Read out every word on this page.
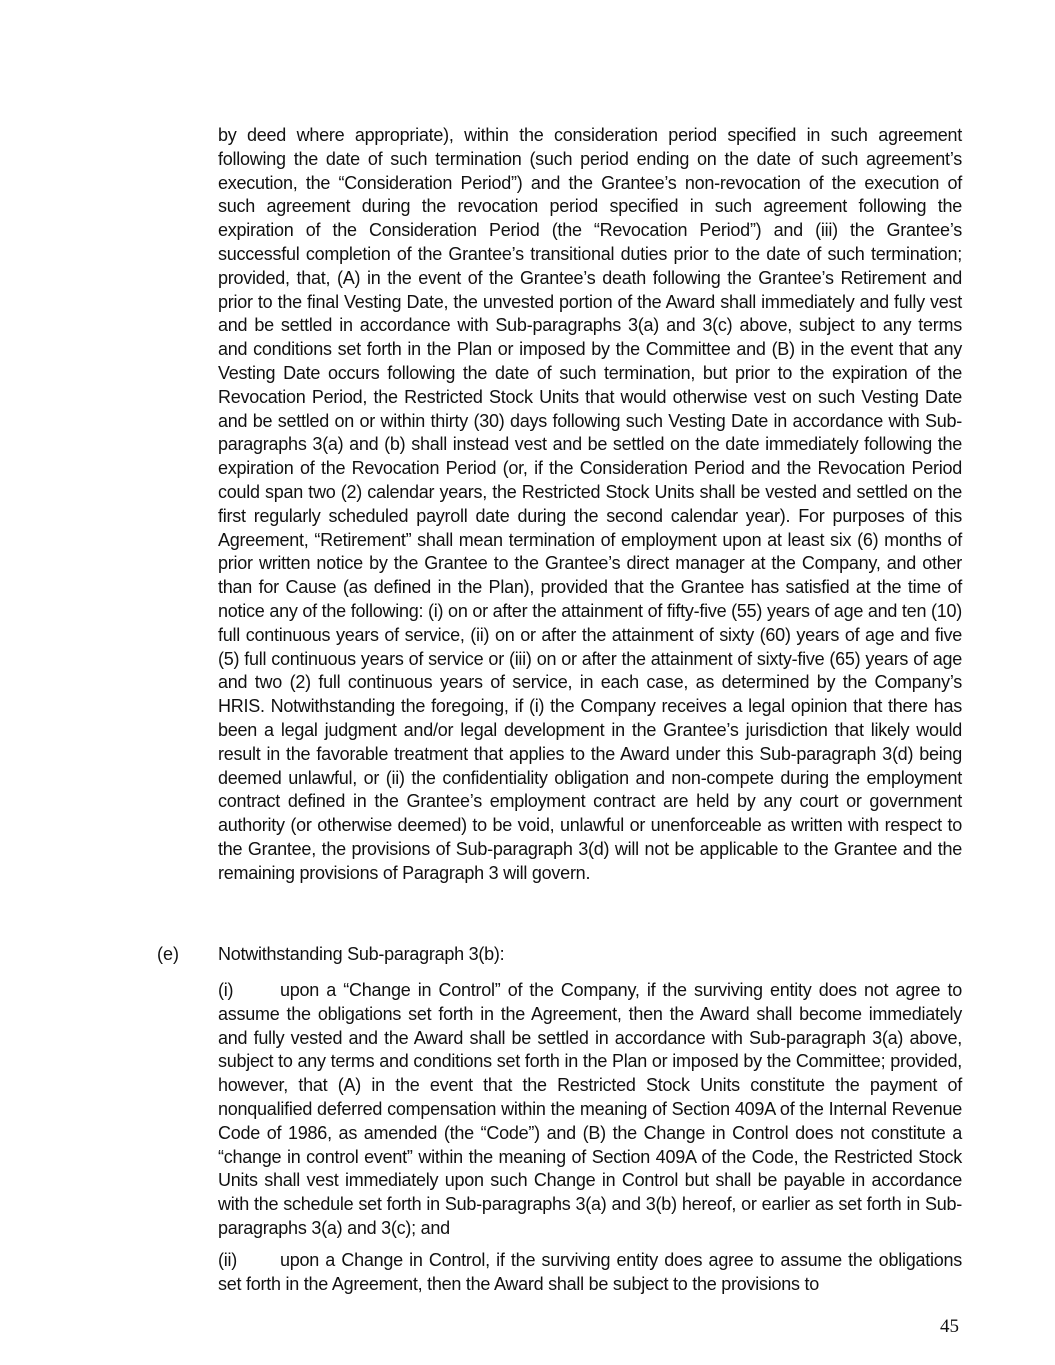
by deed where appropriate), within the consideration period specified in such agreement following the date of such termination (such period ending on the date of such agreement’s execution, the “Consideration Period”) and the Grantee’s non-revocation of the execution of such agreement during the revocation period specified in such agreement following the expiration of the Consideration Period (the “Revocation Period”) and (iii) the Grantee’s successful completion of the Grantee’s transitional duties prior to the date of such termination; provided, that, (A) in the event of the Grantee’s death following the Grantee’s Retirement and prior to the final Vesting Date, the unvested portion of the Award shall immediately and fully vest and be settled in accordance with Sub-paragraphs 3(a) and 3(c) above, subject to any terms and conditions set forth in the Plan or imposed by the Committee and (B) in the event that any Vesting Date occurs following the date of such termination, but prior to the expiration of the Revocation Period, the Restricted Stock Units that would otherwise vest on such Vesting Date and be settled on or within thirty (30) days following such Vesting Date in accordance with Sub-paragraphs 3(a) and (b) shall instead vest and be settled on the date immediately following the expiration of the Revocation Period (or, if the Consideration Period and the Revocation Period could span two (2) calendar years, the Restricted Stock Units shall be vested and settled on the first regularly scheduled payroll date during the second calendar year). For purposes of this Agreement, “Retirement” shall mean termination of employment upon at least six (6) months of prior written notice by the Grantee to the Grantee’s direct manager at the Company, and other than for Cause (as defined in the Plan), provided that the Grantee has satisfied at the time of notice any of the following: (i) on or after the attainment of fifty-five (55) years of age and ten (10) full continuous years of service, (ii) on or after the attainment of sixty (60) years of age and five (5) full continuous years of service or (iii) on or after the attainment of sixty-five (65) years of age and two (2) full continuous years of service, in each case, as determined by the Company’s HRIS. Notwithstanding the foregoing, if (i) the Company receives a legal opinion that there has been a legal judgment and/or legal development in the Grantee’s jurisdiction that likely would result in the favorable treatment that applies to the Award under this Sub-paragraph 3(d) being deemed unlawful, or (ii) the confidentiality obligation and non-compete during the employment contract defined in the Grantee’s employment contract are held by any court or government authority (or otherwise deemed) to be void, unlawful or unenforceable as written with respect to the Grantee, the provisions of Sub-paragraph 3(d) will not be applicable to the Grantee and the remaining provisions of Paragraph 3 will govern.
(e) Notwithstanding Sub-paragraph 3(b):
(i)	upon a “Change in Control” of the Company, if the surviving entity does not agree to assume the obligations set forth in the Agreement, then the Award shall become immediately and fully vested and the Award shall be settled in accordance with Sub-paragraph 3(a) above, subject to any terms and conditions set forth in the Plan or imposed by the Committee; provided, however, that (A) in the event that the Restricted Stock Units constitute the payment of nonqualified deferred compensation within the meaning of Section 409A of the Internal Revenue Code of 1986, as amended (the “Code”) and (B) the Change in Control does not constitute a “change in control event” within the meaning of Section 409A of the Code, the Restricted Stock Units shall vest immediately upon such Change in Control but shall be payable in accordance with the schedule set forth in Sub-paragraphs 3(a) and 3(b) hereof, or earlier as set forth in Sub-paragraphs 3(a) and 3(c); and
(ii) upon a Change in Control, if the surviving entity does agree to assume the obligations set forth in the Agreement, then the Award shall be subject to the provisions to
45
